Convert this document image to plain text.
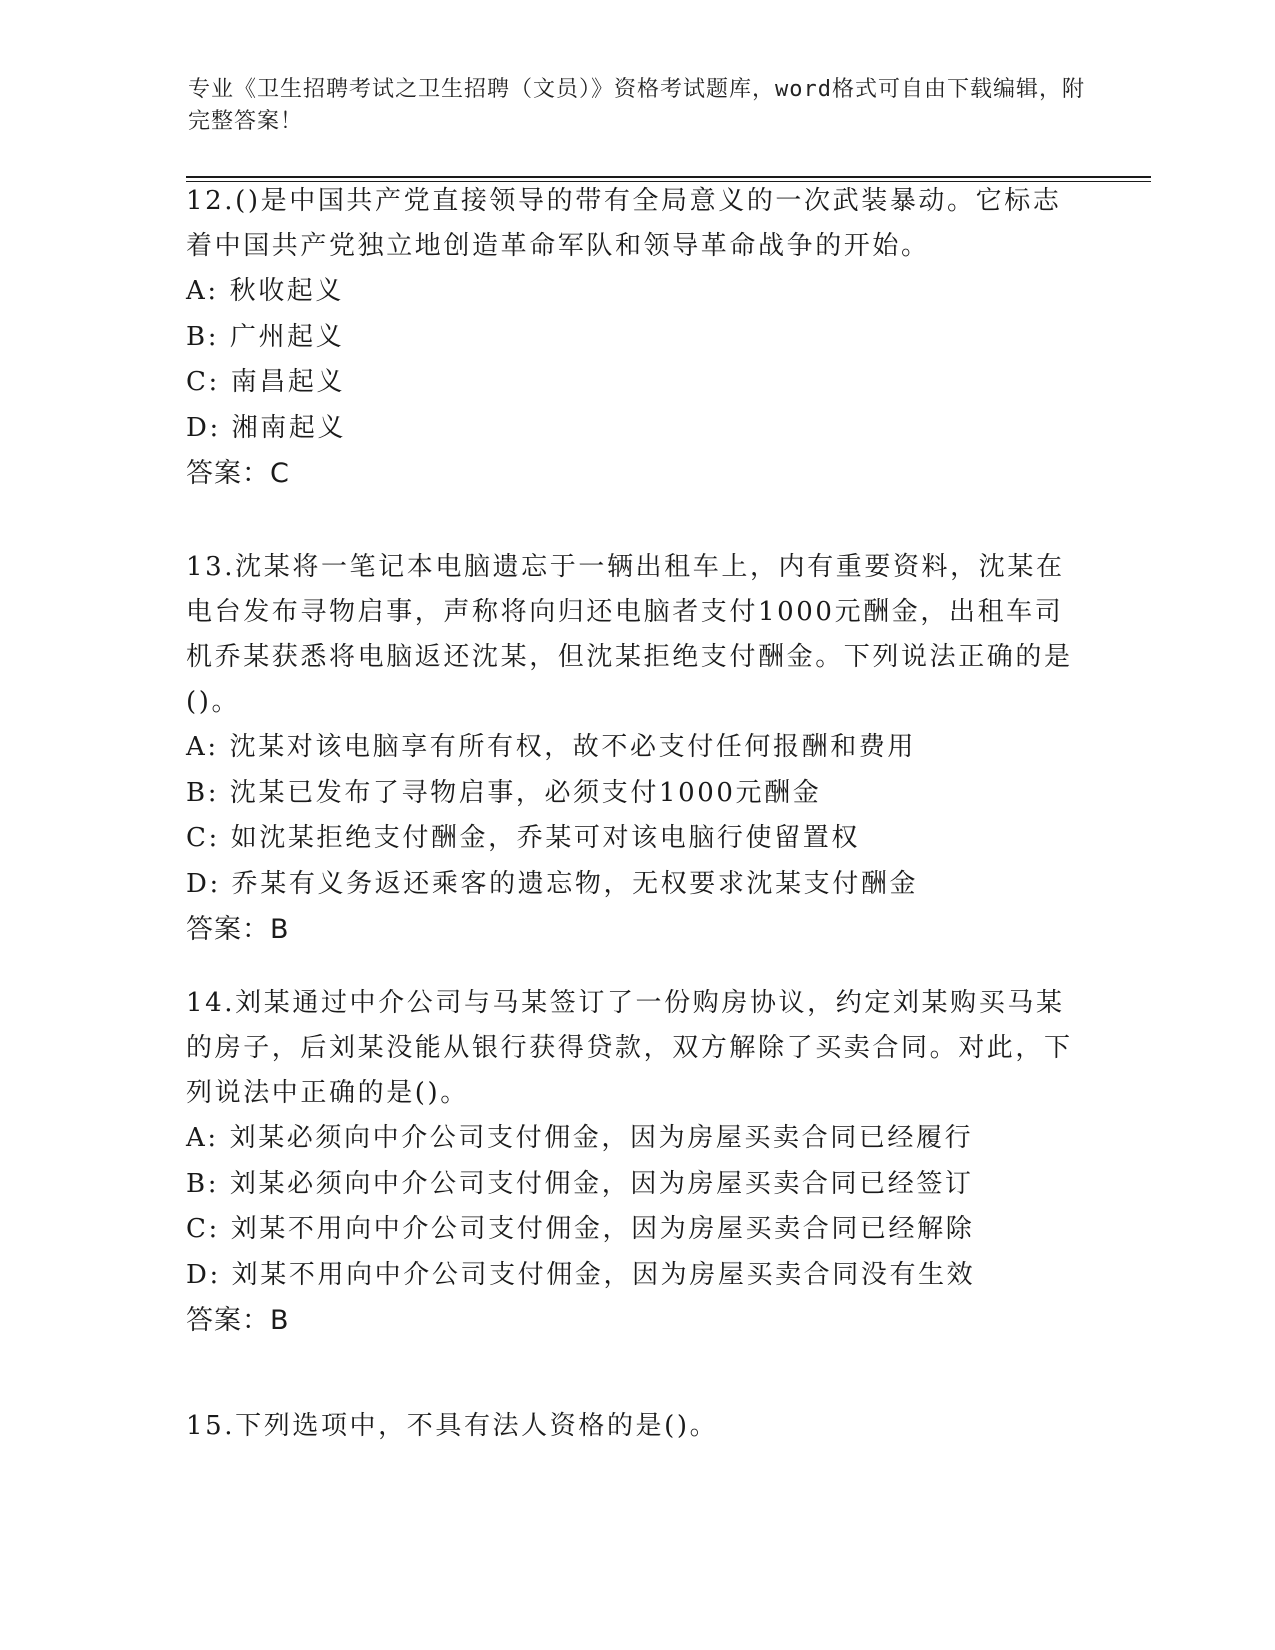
专业《卫生招聘考试之卫生招聘（文员）》资格考试题库，word格式可自由下载编辑，附完整答案！

12.()是中国共产党直接领导的带有全局意义的一次武装暴动。它标志着中国共产党独立地创造革命军队和领导革命战争的开始。

A: 秋收起义

B: 广州起义

C: 南昌起义

D: 湘南起义

答案：C

13.沈某将一笔记本电脑遗忘于一辆出租车上，内有重要资料，沈某在电台发布寻物启事，声称将向归还电脑者支付1000元酬金，出租车司机乔某获悉将电脑返还沈某，但沈某拒绝支付酬金。下列说法正确的是()。

A: 沈某对该电脑享有所有权，故不必支付任何报酬和费用

B: 沈某已发布了寻物启事，必须支付1000元酬金

C: 如沈某拒绝支付酬金，乔某可对该电脑行使留置权

D: 乔某有义务返还乘客的遗忘物，无权要求沈某支付酬金

答案：B

14.刘某通过中介公司与马某签订了一份购房协议，约定刘某购买马某的房子，后刘某没能从银行获得贷款，双方解除了买卖合同。对此，下列说法中正确的是()。

A: 刘某必须向中介公司支付佣金，因为房屋买卖合同已经履行

B: 刘某必须向中介公司支付佣金，因为房屋买卖合同已经签订

C: 刘某不用向中介公司支付佣金，因为房屋买卖合同已经解除

D: 刘某不用向中介公司支付佣金，因为房屋买卖合同没有生效

答案：B

15.下列选项中，不具有法人资格的是()。
